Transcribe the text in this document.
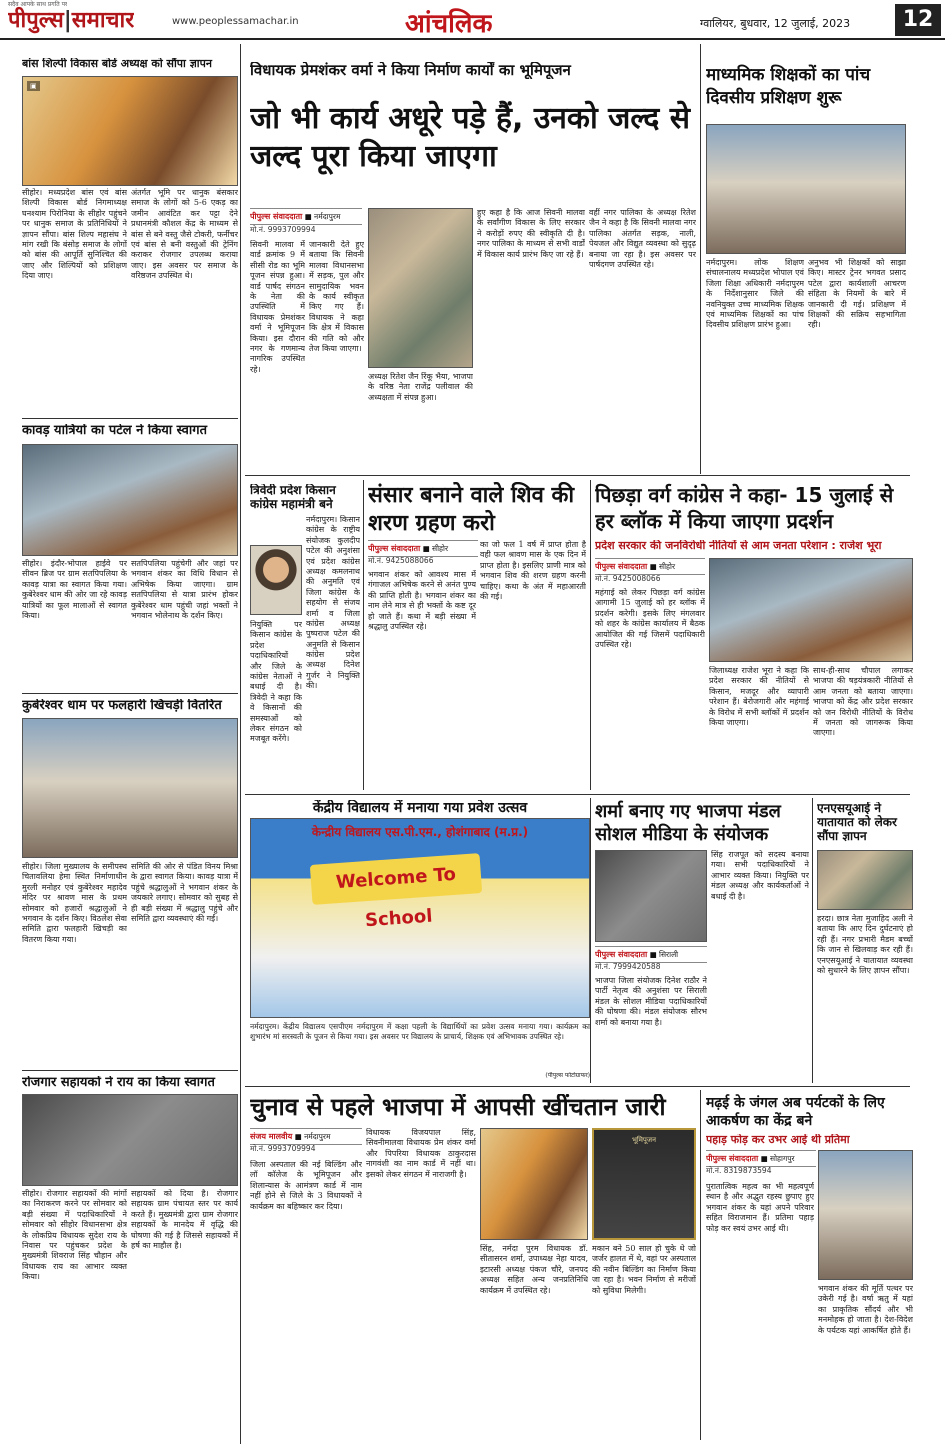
सदैव आपके साथ प्रगति पर
पीपुल्स|समाचार	www.peoplessamachar.in	आंचलिक	ग्वालियर, बुधवार, 12 जुलाई, 2023	12
बांस शिल्पी विकास बोर्ड अध्यक्ष को सौंपा ज्ञापन
▣
सीहोर। मध्यप्रदेश बांस एवं बांस शिल्पी विकास बोर्ड निगमाध्यक्ष घनश्याम पिरोनिया के सीहोर पहुंचने पर धानुक समाज के प्रतिनिधियों ने ज्ञापन सौंपा। बांस शिल्प महासंघ ने मांग रखी कि बंसोड़ समाज के लोगों को बांस की आपूर्ति सुनिश्चित की जाए और शिल्पियों को प्रशिक्षण दिया जाए।
अंतर्गत भूमि पर धानुक बंसकार समाज के लोगों को 5-6 एकड़ का जमीन आवंटित कर पट्टा देने प्रधानमंत्री कौशल केंद्र के माध्यम से बांस से बने वस्तु जैसे टोकरी, फर्नीचर एवं बांस से बनी वस्तुओं की ट्रेनिंग कराकर रोजगार उपलब्ध कराया जाए। इस अवसर पर समाज के वरिष्ठजन उपस्थित थे।
कावड़ यात्रियों का पटेल ने किया स्वागत
सीहोर। इंदौर-भोपाल हाईवे पर सीवन ब्रिज पर ग्राम सतपिपलिया के कावड़ यात्रा का स्वागत किया गया। कुबेरेश्वर धाम की ओर जा रहे कावड़ यात्रियों का फूल मालाओं से स्वागत किया।
सतपिपलिया पहुंचेगी और जहां पर भगवान शंकर का विधि विधान से अभिषेक किया जाएगा। ग्राम सतपिपलिया से यात्रा प्रारंभ होकर कुबेरेश्वर धाम पहुंची जहां भक्तों ने भगवान भोलेनाथ के दर्शन किए।
कुबेरेश्वर धाम पर फलहारी खिचड़ी वितरित
सीहोर। जिला मुख्यालय के समीपस्थ चितावलिया हेमा स्थित निर्माणाधीन मुरली मनोहर एवं कुबेरेश्वर महादेव मंदिर पर श्रावण मास के प्रथम सोमवार को हजारों श्रद्धालुओं ने भगवान के दर्शन किए। विठलेश सेवा समिति द्वारा फलहारी खिचड़ी का वितरण किया गया।
समिति की ओर से पंडित विनय मिश्रा के द्वारा स्वागत किया। कावड़ यात्रा में पहुंचे श्रद्धालुओं ने भगवान शंकर के जयकारे लगाए। सोमवार को सुबह से ही बड़ी संख्या में श्रद्धालु पहुंचे और समिति द्वारा व्यवस्थाएं की गईं।
रोजगार सहायकों ने राय का किया स्वागत
सीहोर। रोजगार सहायकों की मांगों का निराकरण करने पर सोमवार को बड़ी संख्या में पदाधिकारियों ने सोमवार को सीहोर विधानसभा क्षेत्र के लोकप्रिय विधायक सुदेश राय के निवास पर पहुंचकर प्रदेश के मुख्यमंत्री शिवराज सिंह चौहान और विधायक राय का आभार व्यक्त किया।
सहायकों को दिया है। रोजगार सहायक ग्राम पंचायत स्तर पर कार्य करते हैं। मुख्यमंत्री द्वारा ग्राम रोजगार सहायकों के मानदेय में वृद्धि की घोषणा की गई है जिससे सहायकों में हर्ष का माहौल है।
विधायक प्रेमशंकर वर्मा ने किया निर्माण कार्यों का भूमिपूजन
जो भी कार्य अधूरे पड़े हैं, उनको जल्द से जल्द पूरा किया जाएगा
पीपुल्स संवाददाता ■ नर्मदापुरम
मो.नं. 9993709994
सिवनी मालवा में वार्ड क्रमांक 9 में सीसी रोड का भूमि पूजन संपन्न हुआ। वार्ड पार्षद संगठन के नेता की उपस्थिति में विधायक प्रेमशंकर वर्मा ने भूमिपूजन किया। इस दौरान नगर के गणमान्य नागरिक उपस्थित रहे।
जानकारी देते हुए बताया कि सिवनी मालवा विधानसभा में सड़क, पुल और सामुदायिक भवन के कार्य स्वीकृत किए गए हैं। विधायक ने कहा कि क्षेत्र में विकास की गति को और तेज किया जाएगा।
अध्यक्ष रितेश जैन रिंकू भैया, भाजपा के वरिष्ठ नेता राजेंद्र पलीवाल की अध्यक्षता में संपन्न हुआ।
हुए कहा है कि आज सिवनी मालवा के सर्वांगीण विकास के लिए सरकार ने करोड़ों रुपए की स्वीकृति दी है। नगर पालिका के माध्यम से सभी वार्डों में विकास कार्य प्रारंभ किए जा रहे हैं।
वहीं नगर पालिका के अध्यक्ष रितेश जैन ने कहा है कि सिवनी मालवा नगर पालिका अंतर्गत सड़क, नाली, पेयजल और विद्युत व्यवस्था को सुदृढ़ बनाया जा रहा है। इस अवसर पर पार्षदगण उपस्थित रहे।
माध्यमिक शिक्षकों का पांच दिवसीय प्रशिक्षण शुरू
नर्मदापुरम। लोक शिक्षण संचालनालय मध्यप्रदेश भोपाल एवं जिला शिक्षा अधिकारी नर्मदापुरम के निर्देशानुसार जिले की नवनियुक्त उच्च माध्यमिक शिक्षक एवं माध्यमिक शिक्षकों का पांच दिवसीय प्रशिक्षण प्रारंभ हुआ।
अनुभव भी शिक्षकों को साझा किए। मास्टर ट्रेनर भगवत प्रसाद पटेल द्वारा कार्यशाली आचरण संहिता के नियमों के बारे में जानकारी दी गई। प्रशिक्षण में शिक्षकों की सक्रिय सहभागिता रही।
त्रिवेदी प्रदेश किसान कांग्रेस महामंत्री बने
नर्मदापुरम। किसान कांग्रेस के राष्ट्रीय संयोजक कुलदीप पटेल की अनुशंसा एवं प्रदेश कांग्रेस अध्यक्ष कमलनाथ की अनुमति एवं जिला कांग्रेस के सहयोग से संजय शर्मा व जिला कांग्रेस अध्यक्ष पुष्पराज पटेल की अनुमति से किसान कांग्रेस प्रदेश अध्यक्ष दिनेश गुर्जर ने नियुक्ति की।
नियुक्ति पर किसान कांग्रेस के प्रदेश पदाधिकारियों और जिले के कांग्रेस नेताओं ने बधाई दी है। त्रिवेदी ने कहा कि वे किसानों की समस्याओं को लेकर संगठन को मजबूत करेंगे।
संसार बनाने वाले शिव की शरण ग्रहण करो
पीपुल्स संवाददाता ■ सीहोर
मो.नं. 9425088066
भगवान शंकर को आवश्य मास में गंगाजल अभिषेक करने से अनंत पुण्य की प्राप्ति होती है। भगवान शंकर का नाम लेने मात्र से ही भक्तों के कष्ट दूर हो जाते हैं। कथा में बड़ी संख्या में श्रद्धालु उपस्थित रहे।
का जो फल 1 वर्ष में प्राप्त होता है वही फल श्रावण मास के एक दिन में प्राप्त होता है। इसलिए प्राणी मात्र को भगवान शिव की शरण ग्रहण करनी चाहिए। कथा के अंत में महाआरती की गई।
पिछड़ा वर्ग कांग्रेस ने कहा- 15 जुलाई से हर ब्लॉक में किया जाएगा प्रदर्शन
प्रदेश सरकार की जनविरोधी नीतियों से आम जनता परेशान : राजेश भूरा
पीपुल्स संवाददाता ■ सीहोर
मो.नं. 9425008066
महंगाई को लेकर पिछड़ा वर्ग कांग्रेस आगामी 15 जुलाई को हर ब्लॉक में प्रदर्शन करेगी। इसके लिए मंगलवार को शहर के कांग्रेस कार्यालय में बैठक आयोजित की गई जिसमें पदाधिकारी उपस्थित रहे।
जिलाध्यक्ष राजेश भूरा ने कहा कि प्रदेश सरकार की नीतियों से किसान, मजदूर और व्यापारी परेशान हैं। बेरोजगारी और महंगाई के विरोध में सभी ब्लॉकों में प्रदर्शन किया जाएगा।
साथ-ही-साथ चौपाल लगाकर भाजपा की षड़यंत्रकारी नीतियों से आम जनता को बताया जाएगा। भाजपा को केंद्र और प्रदेश सरकार को जन विरोधी नीतियों के विरोध में जनता को जागरूक किया जाएगा।
केंद्रीय विद्यालय में मनाया गया प्रवेश उत्सव
केन्द्रीय विद्यालय एस.पी.एम., होशंगाबाद (म.प्र.)
Welcome To School
नर्मदापुरम। केंद्रीय विद्यालय एसपीएम नर्मदापुरम में कक्षा पहली के विद्यार्थियों का प्रवेश उत्सव मनाया गया। कार्यक्रम का शुभारंभ मां सरस्वती के पूजन से किया गया। इस अवसर पर विद्यालय के प्राचार्य, शिक्षक एवं अभिभावक उपस्थित रहे।
(पीपुल्स फोटोग्राफर)
शर्मा बनाए गए भाजपा मंडल सोशल मीडिया के संयोजक
पीपुल्स संवाददाता ■ सिराली
मो.नं. 7999420588
भाजपा जिला संयोजक दिनेश राठौर ने पार्टी नेतृत्व की अनुशंसा पर सिराली मंडल के सोशल मीडिया पदाधिकारियों की घोषणा की। मंडल संयोजक सौरभ शर्मा को बनाया गया है।
सिंह राजपूत को सदस्य बनाया गया। सभी पदाधिकारियों ने आभार व्यक्त किया। नियुक्ति पर मंडल अध्यक्ष और कार्यकर्ताओं ने बधाई दी है।
एनएसयूआई ने यातायात को लेकर सौंपा ज्ञापन
हरदा। छात्र नेता मुजाहिद अली ने बताया कि आए दिन दुर्घटनाएं हो रही हैं। नगर प्रभारी मैडम बच्चों कि जान से खिलवाड़ कर रही हैं। एनएसयूआई ने यातायात व्यवस्था को सुधारने के लिए ज्ञापन सौंपा।
चुनाव से पहले भाजपा में आपसी खींचतान जारी
संजय मालवीय ■ नर्मदापुरम
मो.नं. 9993709994
जिला अस्पताल की नई बिल्डिंग और लॉ कॉलेज के भूमिपूजन और शिलान्यास के आमंत्रण कार्ड में नाम नहीं होने से जिले के 3 विधायकों ने कार्यक्रम का बहिष्कार कर दिया।
विधायक विजयपाल सिंह, सिवनीमालवा विधायक प्रेम शंकर वर्मा और पिपरिया विधायक ठाकुरदास नागवंशी का नाम कार्ड में नहीं था। इसको लेकर संगठन में नाराजगी है।
सिंह, नर्मदा पुरम विधायक डॉ. सीतासरन शर्मा, उपाध्यक्ष नेहा यादव, इटारसी अध्यक्ष पंकज चौरे, जनपद अध्यक्ष सहित अन्य जनप्रतिनिधि कार्यक्रम में उपस्थित रहे।
भूमिपूजन
मकान बने 50 साल हो चुके थे जो जर्जर हालत में थे, वहां पर अस्पताल की नवीन बिल्डिंग का निर्माण किया जा रहा है। भवन निर्माण से मरीजों को सुविधा मिलेगी।
मढ़ई के जंगल अब पर्यटकों के लिए आकर्षण का केंद्र बने
पहाड़ फोड़ कर उभर आई थी प्रतिमा
पीपुल्स संवाददाता ■ सोहागपुर
मो.नं. 8319873594
पुरातात्विक महत्व का भी महत्वपूर्ण स्थान है और अद्भुत रहस्य छुपाए हुए भगवान शंकर के यहां अपने परिवार सहित विराजमान हैं। प्रतिमा पहाड़ फोड़ कर स्वयं उभर आई थी।
भगवान शंकर की मूर्ति पत्थर पर उकेरी गई है। वर्षा ऋतु में यहां का प्राकृतिक सौंदर्य और भी मनमोहक हो जाता है। देश-विदेश के पर्यटक यहां आकर्षित होते हैं।
